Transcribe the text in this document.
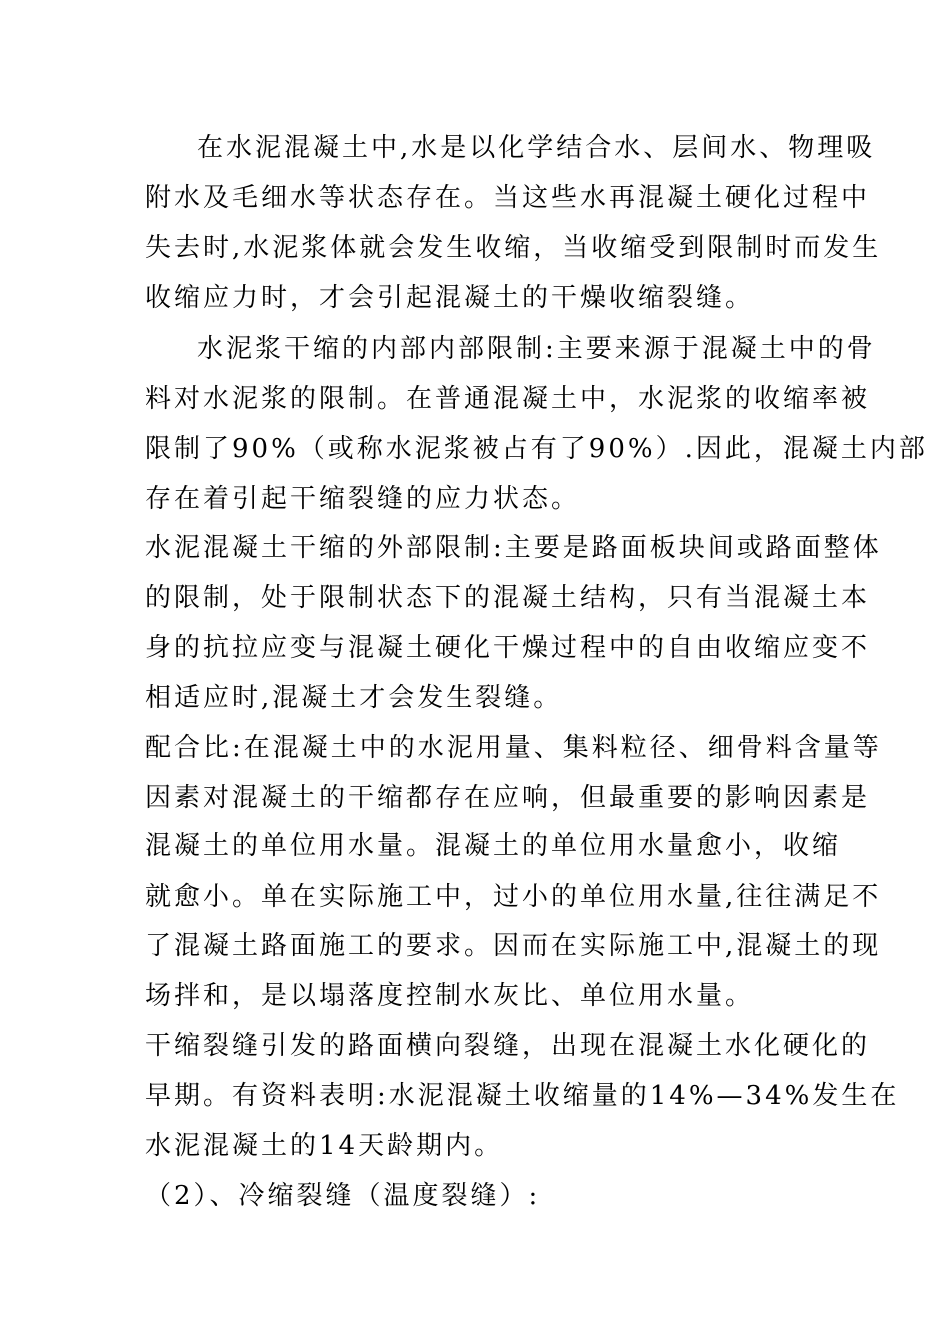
在水泥混凝土中,水是以化学结合水、层间水、物理吸
附水及毛细水等状态存在。当这些水再混凝土硬化过程中
失去时,水泥浆体就会发生收缩，当收缩受到限制时而发生
收缩应力时，才会引起混凝土的干燥收缩裂缝。
水泥浆干缩的内部内部限制:主要来源于混凝土中的骨
料对水泥浆的限制。在普通混凝土中，水泥浆的收缩率被
限制了90%（或称水泥浆被占有了90%）.因此，混凝土内部
存在着引起干缩裂缝的应力状态。
水泥混凝土干缩的外部限制:主要是路面板块间或路面整体
的限制，处于限制状态下的混凝土结构，只有当混凝土本
身的抗拉应变与混凝土硬化干燥过程中的自由收缩应变不
相适应时,混凝土才会发生裂缝。
配合比:在混凝土中的水泥用量、集料粒径、细骨料含量等
因素对混凝土的干缩都存在应响，但最重要的影响因素是
混凝土的单位用水量。混凝土的单位用水量愈小，收缩
就愈小。单在实际施工中，过小的单位用水量,往往满足不
了混凝土路面施工的要求。因而在实际施工中,混凝土的现
场拌和，是以塌落度控制水灰比、单位用水量。
干缩裂缝引发的路面横向裂缝，出现在混凝土水化硬化的
早期。有资料表明:水泥混凝土收缩量的14%—34%发生在
水泥混凝土的14天龄期内。
（2）、冷缩裂缝（温度裂缝）:
